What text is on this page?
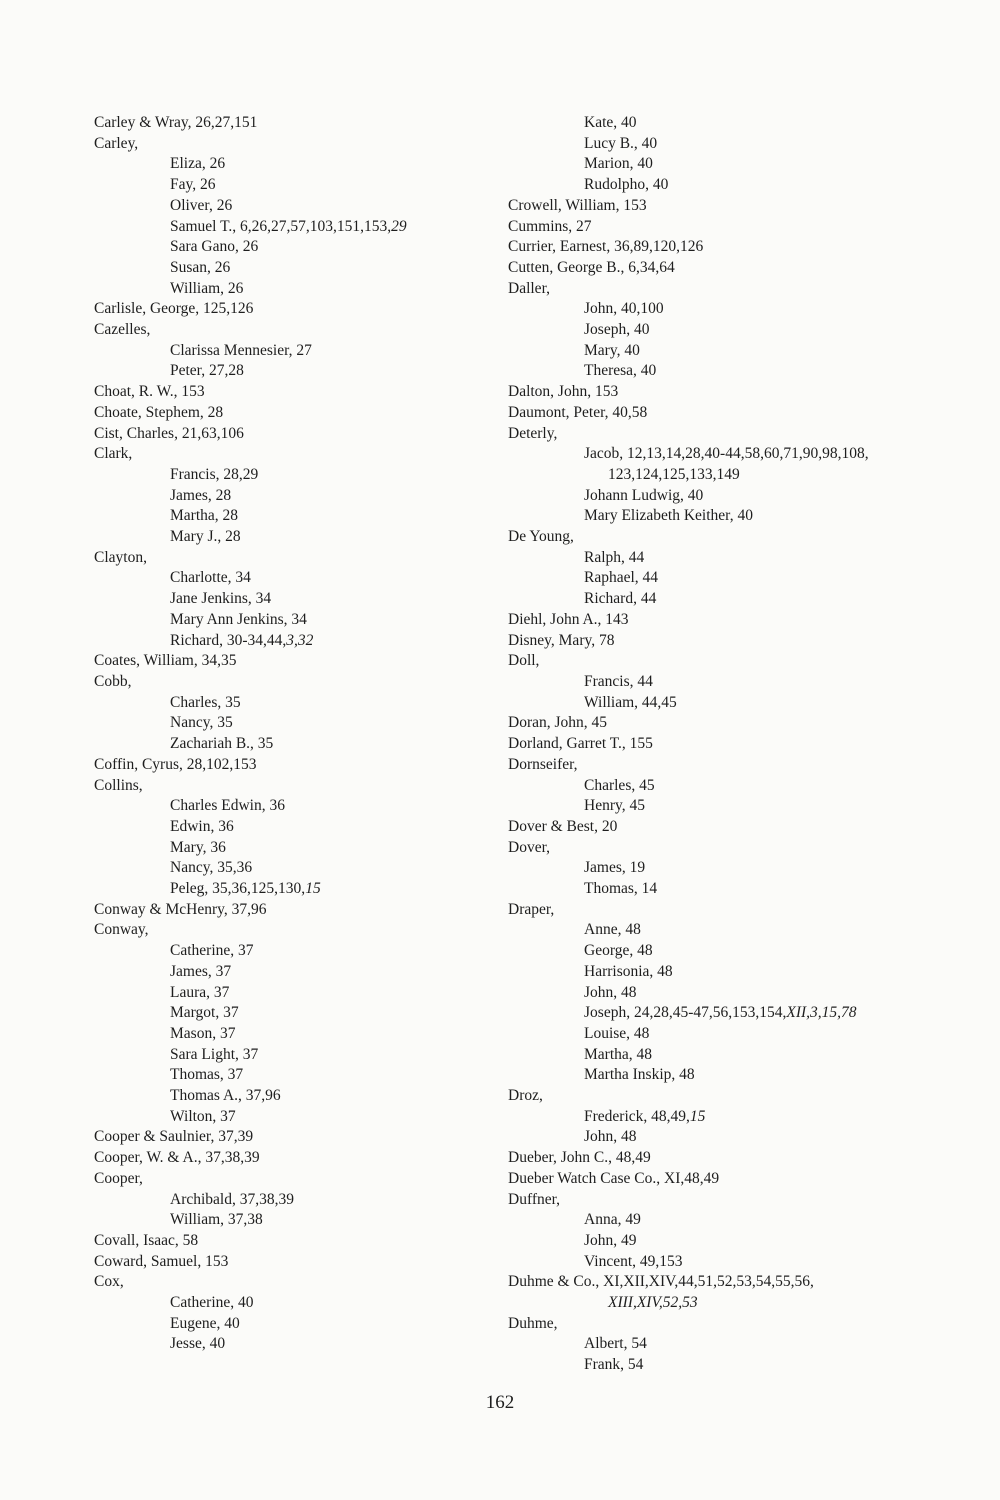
Carley & Wray, 26,27,151
Carley,
Eliza, 26
Fay, 26
Oliver, 26
Samuel T., 6,26,27,57,103,151,153,29
Sara Gano, 26
Susan, 26
William, 26
Carlisle, George, 125,126
Cazelles,
Clarissa Mennesier, 27
Peter, 27,28
Choat, R. W., 153
Choate, Stephem, 28
Cist, Charles, 21,63,106
Clark,
Francis, 28,29
James, 28
Martha, 28
Mary J., 28
Clayton,
Charlotte, 34
Jane Jenkins, 34
Mary Ann Jenkins, 34
Richard, 30-34,44,3,32
Coates, William, 34,35
Cobb,
Charles, 35
Nancy, 35
Zachariah B., 35
Coffin, Cyrus, 28,102,153
Collins,
Charles Edwin, 36
Edwin, 36
Mary, 36
Nancy, 35,36
Peleg, 35,36,125,130,15
Conway & McHenry, 37,96
Conway,
Catherine, 37
James, 37
Laura, 37
Margot, 37
Mason, 37
Sara Light, 37
Thomas, 37
Thomas A., 37,96
Wilton, 37
Cooper & Saulnier, 37,39
Cooper, W. & A., 37,38,39
Cooper,
Archibald, 37,38,39
William, 37,38
Covall, Isaac, 58
Coward, Samuel, 153
Cox,
Catherine, 40
Eugene, 40
Jesse, 40
Kate, 40
Lucy B., 40
Marion, 40
Rudolpho, 40
Crowell, William, 153
Cummins, 27
Currier, Earnest, 36,89,120,126
Cutten, George B., 6,34,64
Daller,
John, 40,100
Joseph, 40
Mary, 40
Theresa, 40
Dalton, John, 153
Daumont, Peter, 40,58
Deterly,
Jacob, 12,13,14,28,40-44,58,60,71,90,98,108,
123,124,125,133,149
Johann Ludwig, 40
Mary Elizabeth Keither, 40
De Young,
Ralph, 44
Raphael, 44
Richard, 44
Diehl, John A., 143
Disney, Mary, 78
Doll,
Francis, 44
William, 44,45
Doran, John, 45
Dorland, Garret T., 155
Dornseifer,
Charles, 45
Henry, 45
Dover & Best, 20
Dover,
James, 19
Thomas, 14
Draper,
Anne, 48
George, 48
Harrisonia, 48
John, 48
Joseph, 24,28,45-47,56,153,154,XII,3,15,78
Louise, 48
Martha, 48
Martha Inskip, 48
Droz,
Frederick, 48,49,15
John, 48
Dueber, John C., 48,49
Dueber Watch Case Co., XI,48,49
Duffner,
Anna, 49
John, 49
Vincent, 49,153
Duhme & Co., XI,XII,XIV,44,51,52,53,54,55,56,
XIII,XIV,52,53
Duhme,
Albert, 54
Frank, 54
162
